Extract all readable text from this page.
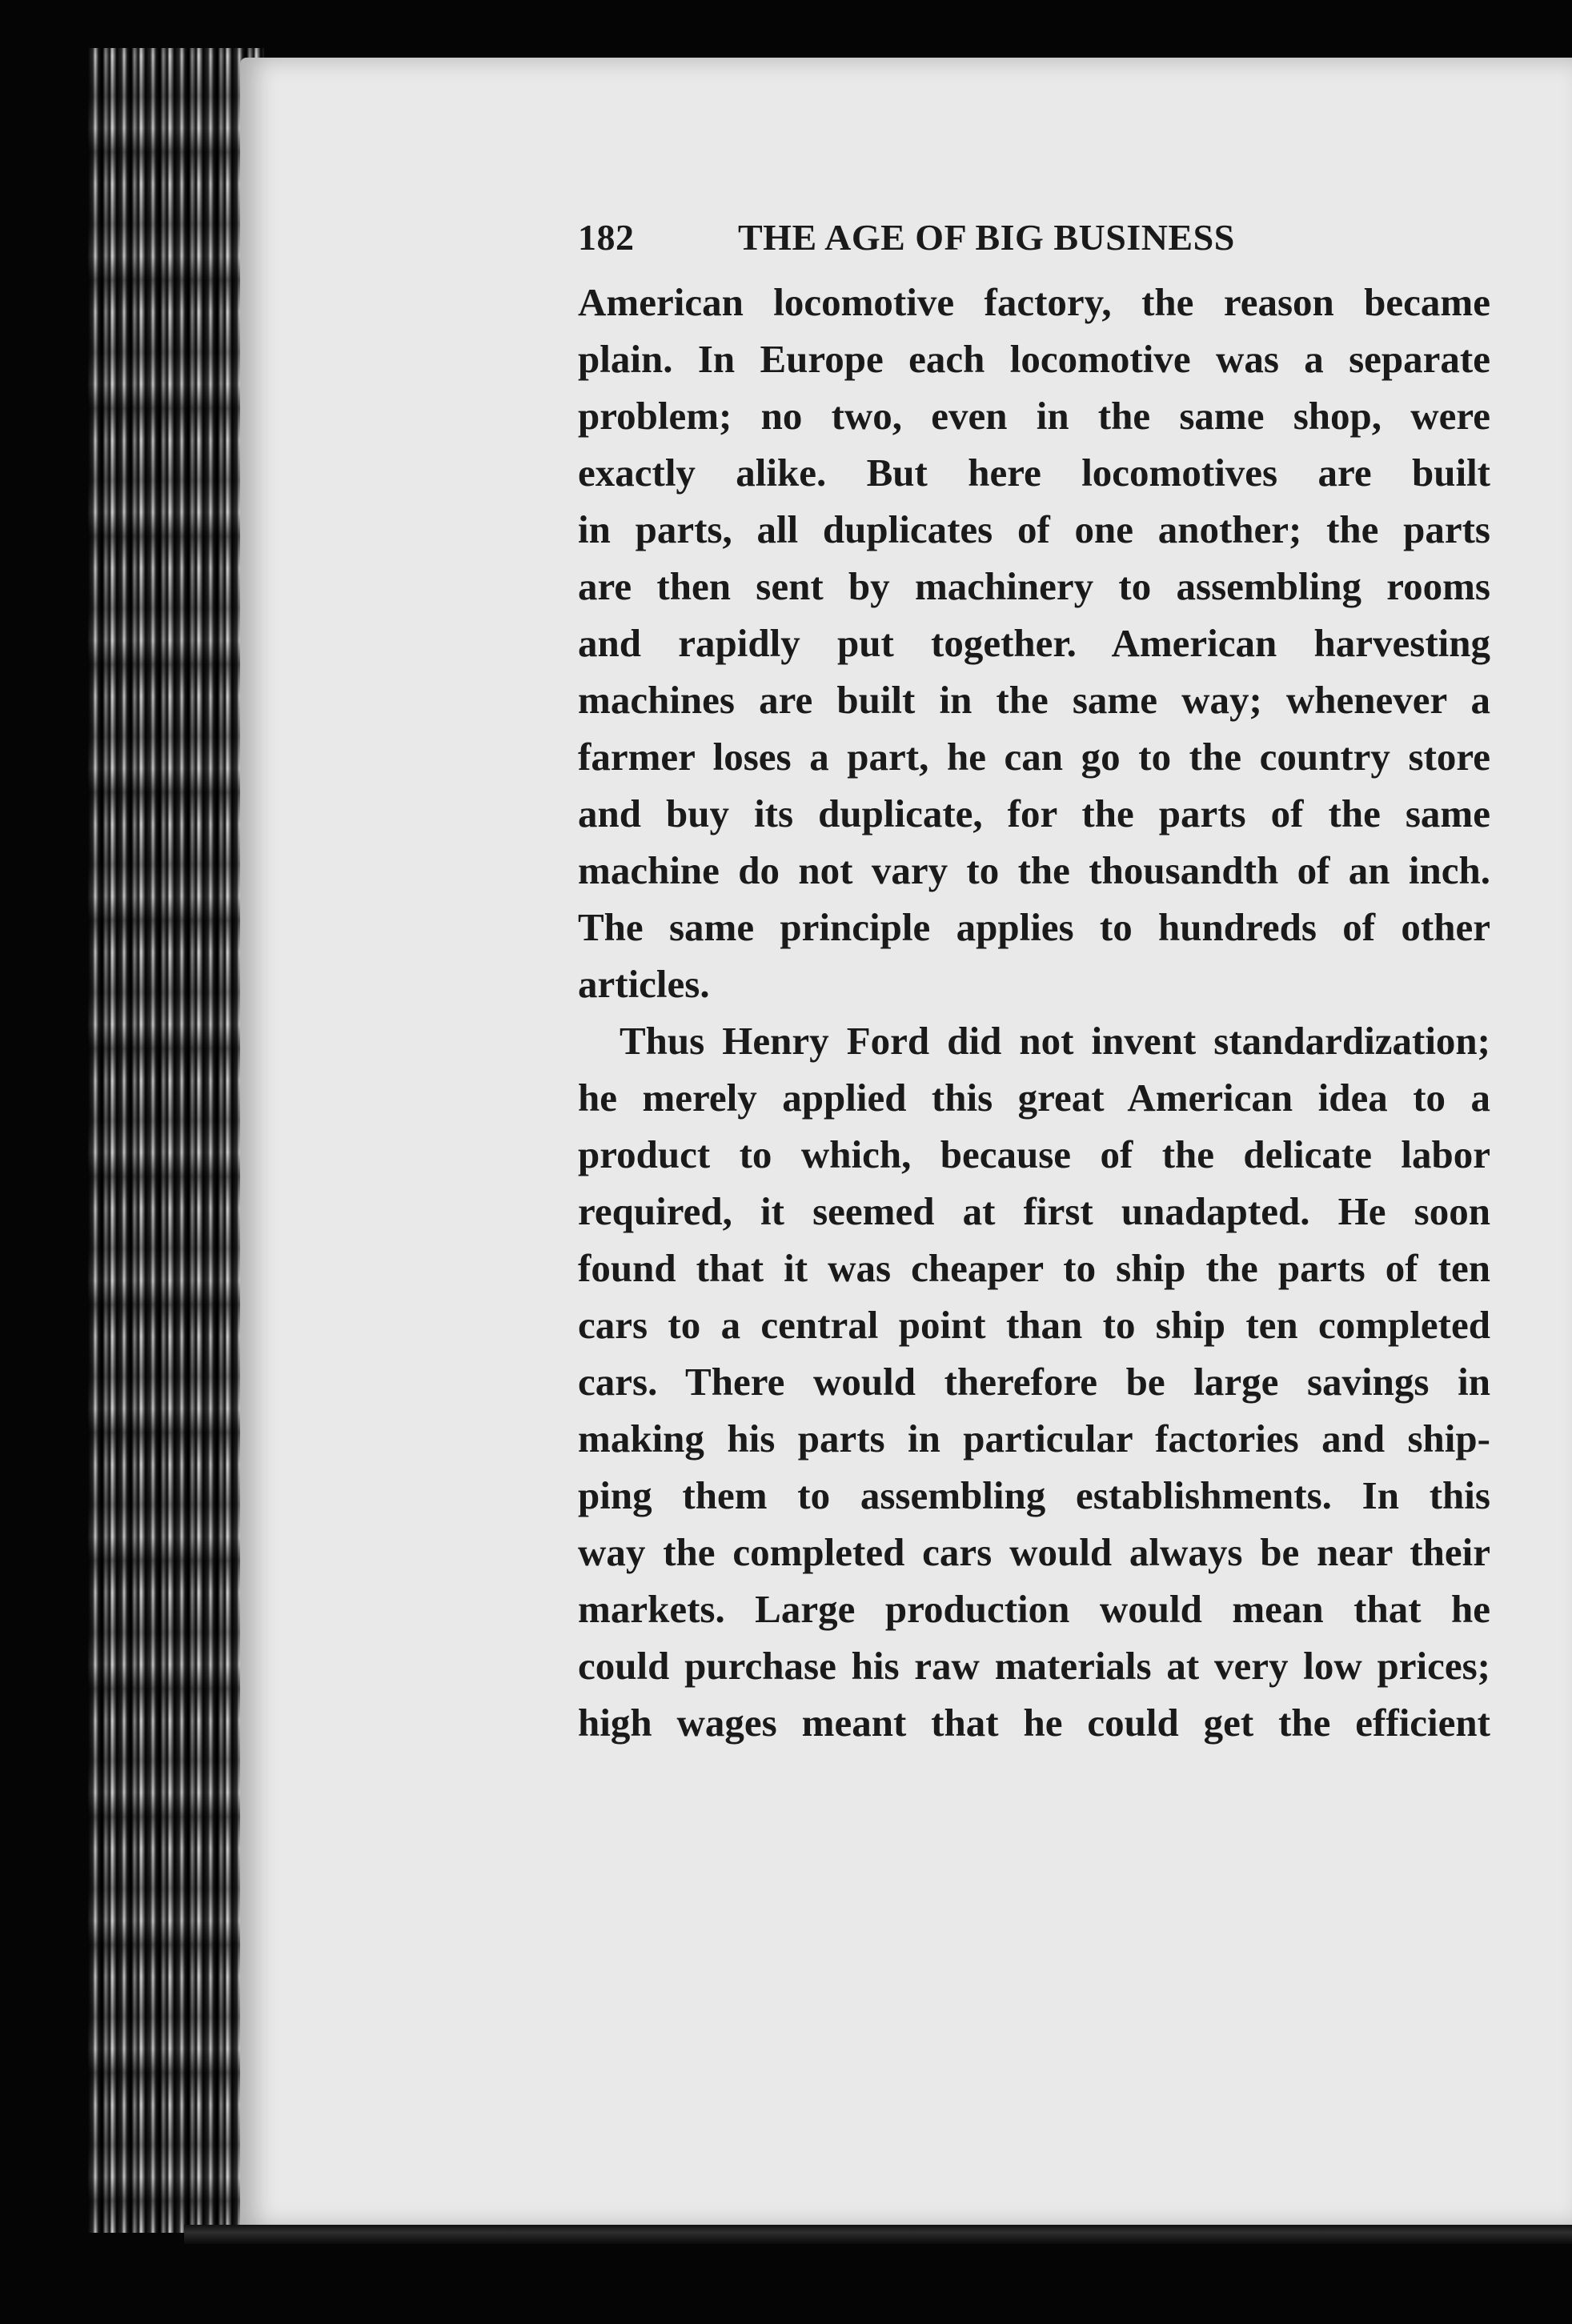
182	THE AGE OF BIG BUSINESS
American locomotive factory, the reason became
plain. In Europe each locomotive was a separate
problem; no two, even in the same shop, were
exactly alike. But here locomotives are built
in parts, all duplicates of one another; the parts
are then sent by machinery to assembling rooms
and rapidly put together. American harvesting
machines are built in the same way; whenever a
farmer loses a part, he can go to the country store
and buy its duplicate, for the parts of the same
machine do not vary to the thousandth of an inch.
The same principle applies to hundreds of other
articles.
Thus Henry Ford did not invent standardization;
he merely applied this great American idea to a
product to which, because of the delicate labor
required, it seemed at first unadapted. He soon
found that it was cheaper to ship the parts of ten
cars to a central point than to ship ten completed
cars. There would therefore be large savings in
making his parts in particular factories and ship-
ping them to assembling establishments. In this
way the completed cars would always be near their
markets. Large production would mean that he
could purchase his raw materials at very low prices;
high wages meant that he could get the efficient
